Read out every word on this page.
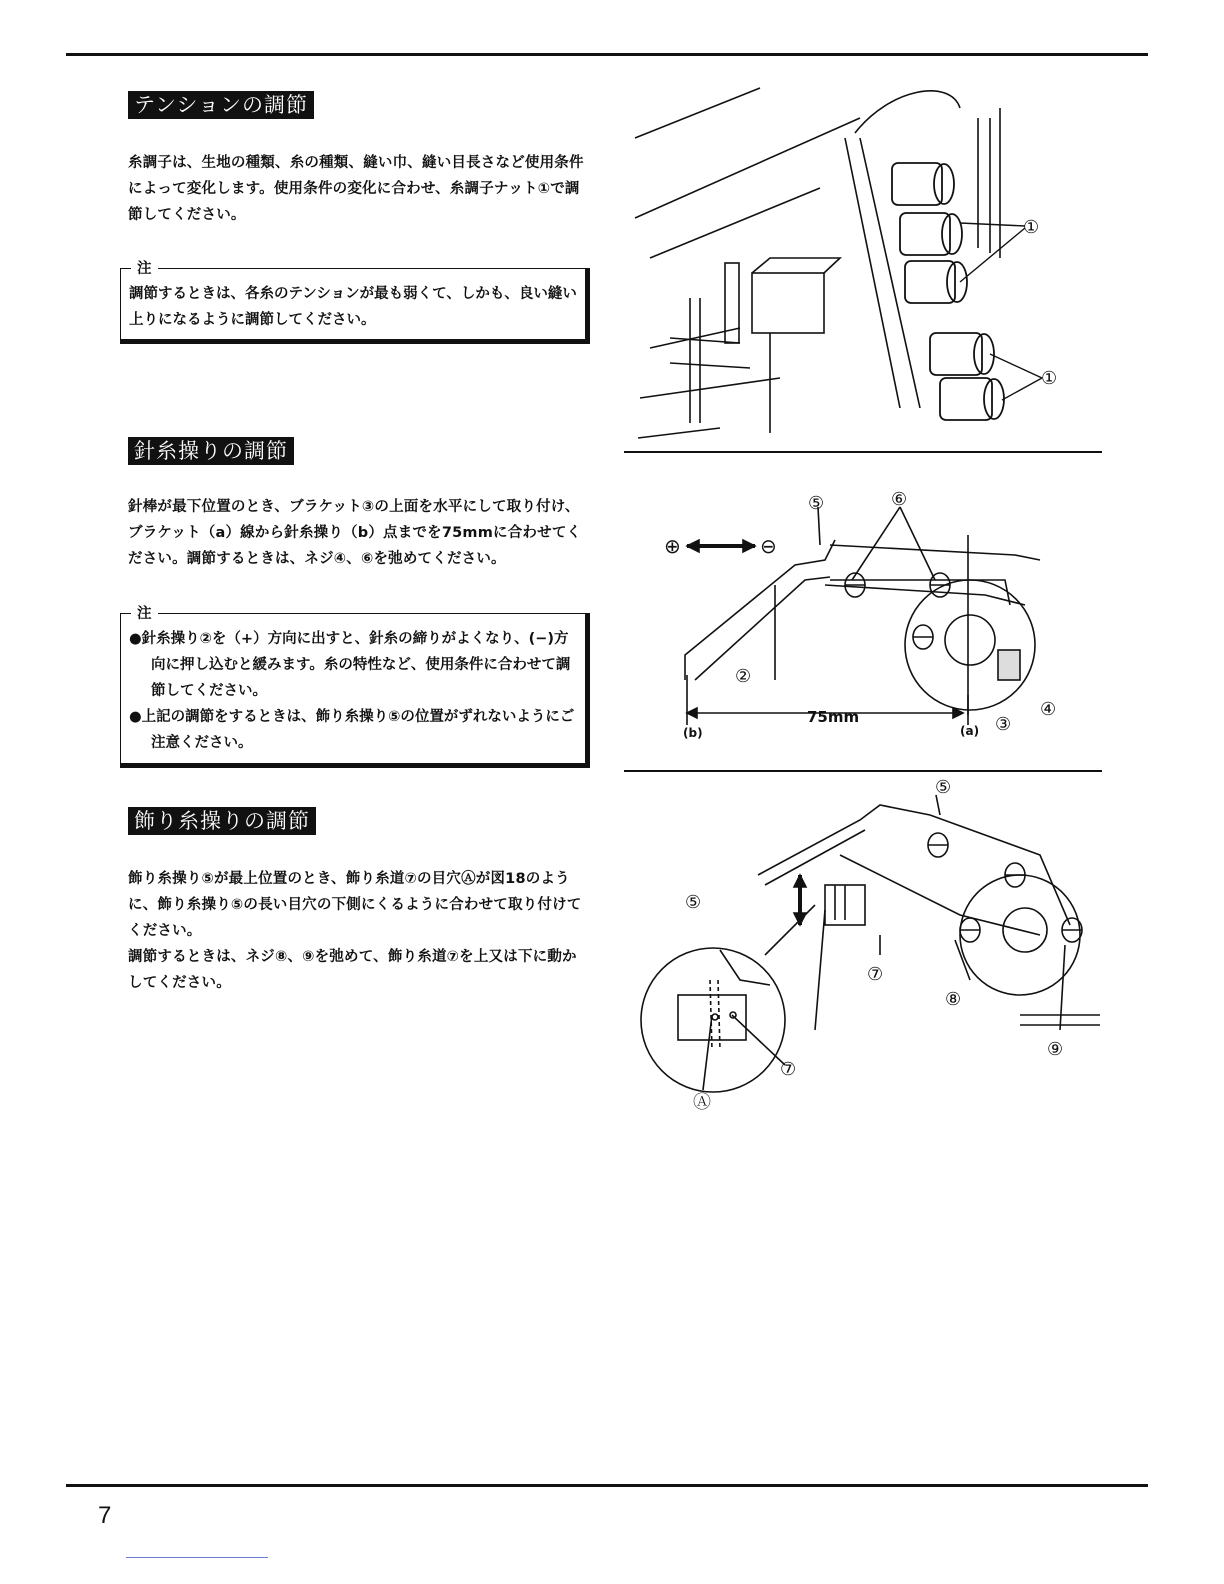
テンションの調節

糸調子は、生地の種類、糸の種類、縫い巾、縫い目長さなど使用条件によって変化します。使用条件の変化に合わせ、糸調子ナット①で調節してください。

注

調節するときは、各糸のテンションが最も弱くて、しかも、良い縫い上りになるように調節してください。

針糸操りの調節

針棒が最下位置のとき、ブラケット③の上面を水平にして取り付け、ブラケット（a）線から針糸操り（b）点までを75mmに合わせてください。調節するときは、ネジ④、⑥を弛めてください。

注

●針糸操り②を（+）方向に出すと、針糸の締りがよくなり、(−)方向に押し込むと緩みます。糸の特性など、使用条件に合わせて調節してください。
●上記の調節をするときは、飾り糸操り⑤の位置がずれないようにご注意ください。

飾り糸操りの調節

飾り糸操り⑤が最上位置のとき、飾り糸道⑦の目穴Ⓐが図18のように、飾り糸操り⑤の長い目穴の下側にくるように合わせて取り付けてください。

調節するときは、ネジ⑧、⑨を弛めて、飾り糸道⑦を上又は下に動かしてください。

①
①
⊕	⊖
⑤	⑥
②
③
④
75mm
(b)	(a)
⑤
⑤
⑦
⑦
⑧
⑨
Ⓐ
7
